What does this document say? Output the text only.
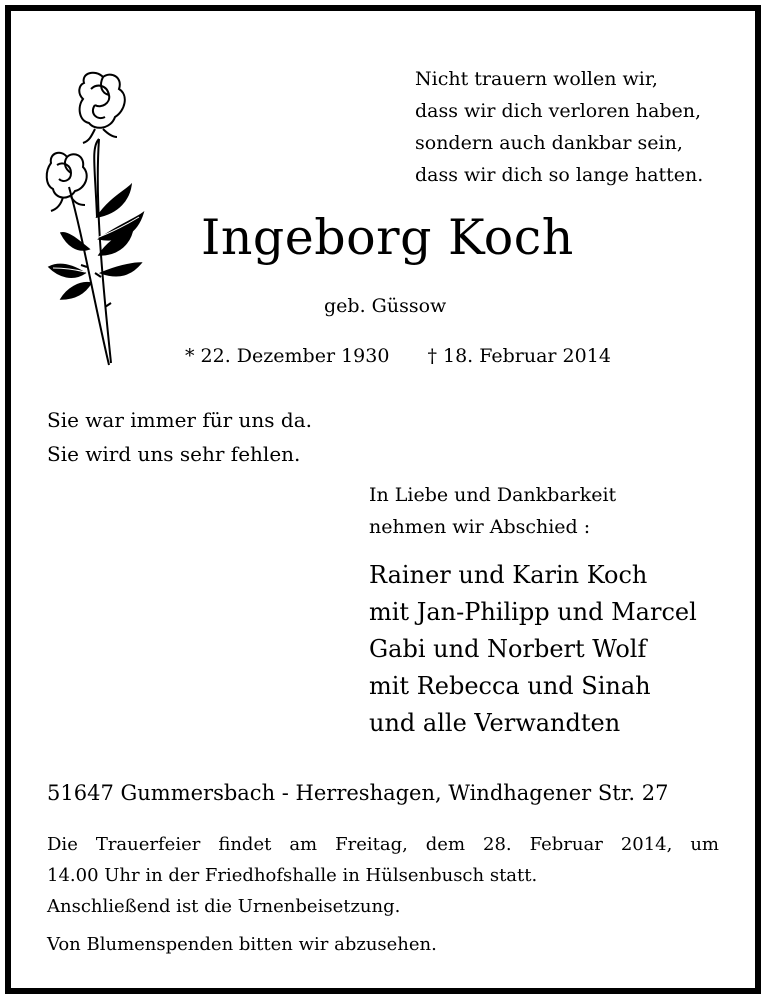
Nicht trauern wollen wir,
dass wir dich verloren haben,
sondern auch dankbar sein,
dass wir dich so lange hatten.
Ingeborg Koch
geb. Güssow
* 22. Dezember 1930 † 18. Februar 2014
Sie war immer für uns da.
Sie wird uns sehr fehlen.
In Liebe und Dankbarkeit
nehmen wir Abschied :
Rainer und Karin Koch
mit Jan-Philipp und Marcel
Gabi und Norbert Wolf
mit Rebecca und Sinah
und alle Verwandten
51647 Gummersbach - Herreshagen, Windhagener Str. 27
Die Trauerfeier findet am Freitag, dem 28. Februar 2014, um
14.00 Uhr in der Friedhofshalle in Hülsenbusch statt.
Anschließend ist die Urnenbeisetzung.
Von Blumenspenden bitten wir abzusehen.
